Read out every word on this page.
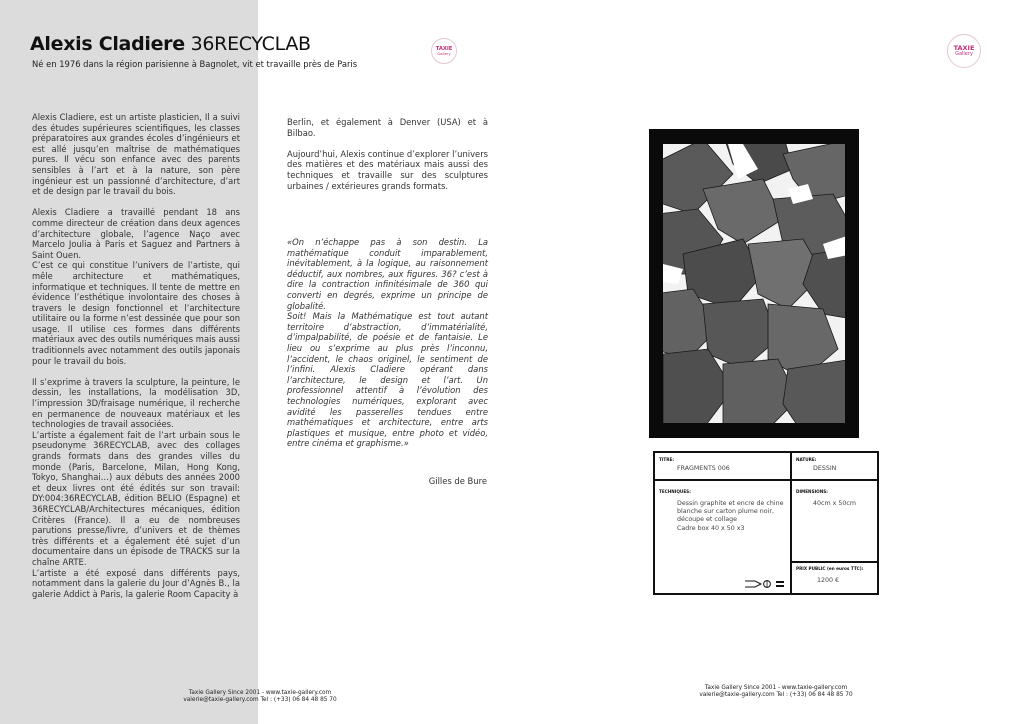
Alexis Cladiere 36RECYCLAB
Né en 1976 dans la région parisienne à Bagnolet, vit et travaille près de Paris
TAXIE
Gallery
TAXIE
Gallery

Alexis Cladiere, est un artiste plasticien, Il a suivi des études supérieures scientifiques, les classes préparatoires aux grandes écoles d’ingénieurs et est allé jusqu’en maîtrise de mathématiques pures. Il vécu son enfance avec des parents sensibles à l’art et à la nature, son père ingénieur est un passionné d’architecture, d’art et de design par le travail du bois.

Alexis Cladiere a travaillé pendant 18 ans comme directeur de création dans deux agences d’architecture globale, l’agence Naço avec Marcelo Joulia à Paris et Saguez and Partners à Saint Ouen.

C’est ce qui constitue l’univers de l’artiste, qui mêle architecture et mathématiques, informatique et techniques. Il tente de mettre en évidence l’esthétique involontaire des choses à travers le design fonctionnel et l’architecture utilitaire ou la forme n’est dessinée que pour son usage. Il utilise ces formes dans différents matériaux avec des outils numériques mais aussi traditionnels avec notamment des outils japonais pour le travail du bois.

Il s’exprime à travers la sculpture, la peinture, le dessin, les installations, la modélisation 3D, l’impression 3D/fraisage numérique, il recherche en permanence de nouveaux matériaux et les technologies de travail associées.

L’artiste a également fait de l’art urbain sous le pseudonyme 36RECYCLAB, avec des collages grands formats dans des grandes villes du monde (Paris, Barcelone, Milan, Hong Kong, Tokyo, Shanghai…) aux débuts des années 2000 et deux livres ont été édités sur son travail: DY:004:36RECYCLAB, édition BELIO (Espagne) et 36RECYCLAB/Architectures mécaniques, édition Critères (France). Il a eu de nombreuses parutions presse/livre, d’univers et de thèmes très différents et a également été sujet d’un documentaire dans un épisode de TRACKS sur la chaîne ARTE.

L’artiste a été exposé dans différents pays, notamment dans la galerie du Jour d’Agnès B., la galerie Addict à Paris, la galerie Room Capacity à

Berlin, et également à Denver (USA) et à Bilbao.

Aujourd’hui, Alexis continue d’explorer l’univers des matières et des matériaux mais aussi des techniques et travaille sur des sculptures urbaines / extérieures grands formats.

«On n’échappe pas à son destin. La mathématique conduit imparablement, inévitablement, à la logique, au raisonnement déductif, aux nombres, aux figures. 36? c’est à dire la contraction infinitésimale de 360 qui converti en degrés, exprime un principe de globalité.
Soit! Mais la Mathématique est tout autant territoire d’abstraction, d’immatérialité, d’impalpabilité, de poésie et de fantaisie. Le lieu ou s’exprime au plus près l’inconnu, l’accident, le chaos originel, le sentiment de l’infini. Alexis Cladiere opérant dans l’architecture, le design et l’art. Un professionnel attentif à l’évolution des technologies numériques, explorant avec avidité les passerelles tendues entre mathématiques et architecture, entre arts plastiques et musique, entre photo et vidéo, entre cinéma et graphisme.»
Gilles de Bure
TITRE:
FRAGMENTS 006
NATURE:
DESSIN
TECHNIQUES:
Dessin graphite et encre de chine blanche sur carton plume noir, découpe et collage
Cadre box 40 x 50 x3
DIMENSIONS:
40cm x 50cm
PRIX PUBLIC (en euros TTC):
1200 €
Taxie Gallery Since 2001 - www.taxie-gallery.com
valerie@taxie-gallery.com Tel : (+33) 06 84 48 85 70
Taxie Gallery Since 2001 - www.taxie-gallery.com
valerie@taxie-gallery.com Tel : (+33) 06 84 48 85 70
